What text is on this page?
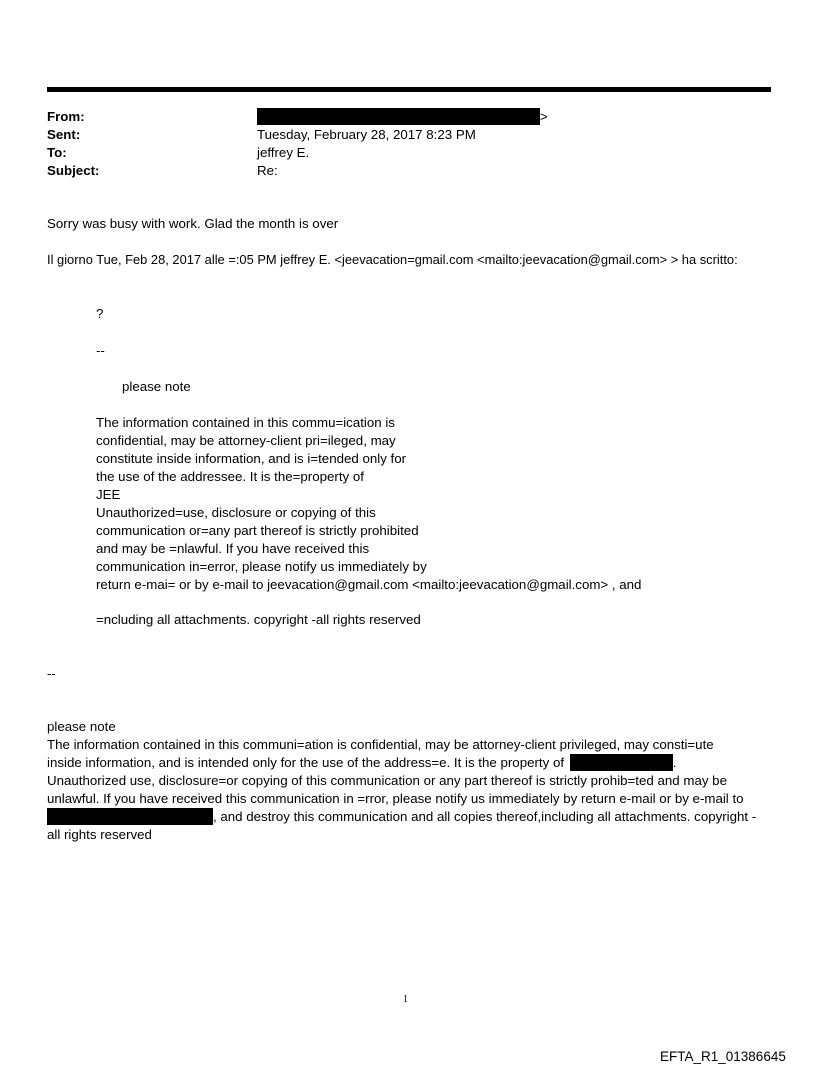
From:	>
Sent:	Tuesday, February 28, 2017 8:23 PM
To:	jeffrey E.
Subject:	Re:
Sorry was busy with work. Glad the month is over
Il giorno Tue, Feb 28, 2017 alle =:05 PM jeffrey E. <jeevacation=gmail.com <mailto:jeevacation@gmail.com> > ha scritto:
?
--
please note
The information contained in this commu=ication is
confidential, may be attorney-client pri=ileged, may
constitute inside information, and is i=tended only for
the use of the addressee. It is the=property of
JEE
Unauthorized=use, disclosure or copying of this
communication or=any part thereof is strictly prohibited
and may be =nlawful. If you have received this
communication in=error, please notify us immediately by
return e-mai= or by e-mail to jeevacation@gmail.com <mailto:jeevacation@gmail.com> , and
=ncluding all attachments. copyright -all rights reserved
--
please note
The information contained in this communi=ation is confidential, may be attorney-client privileged, may consti=ute
inside information, and is intended only for the use of the address=e. It is the property of	.
Unauthorized use, disclosure=or copying of this communication or any part thereof is strictly prohib=ted and may be
unlawful. If you have received this communication in =rror, please notify us immediately by return e-mail or by e-mail to
, and destroy this communication and all copies thereof,including all attachments. copyright -
all rights reserved
1
EFTA_R1_01386645
